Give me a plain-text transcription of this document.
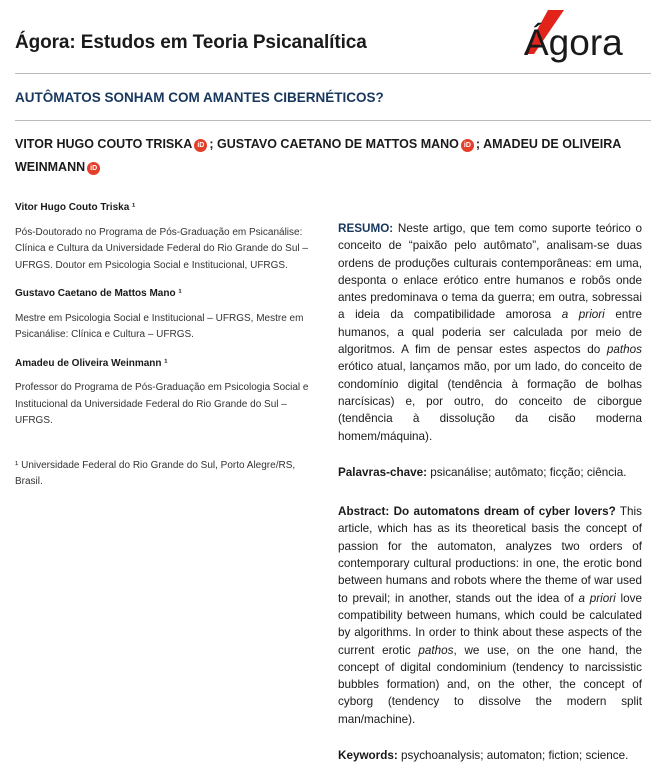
Ágora: Estudos em Teoria Psicanalítica	Ágora
AUTÔMATOS SONHAM COM AMANTES CIBERNÉTICOS?
VITOR HUGO COUTO TRISKA iD ; GUSTAVO CAETANO DE MATTOS MANO iD ; AMADEU DE OLIVEIRA WEINMANN iD

Vitor Hugo Couto Triska ¹

Pós-Doutorado no Programa de Pós-Graduação em Psicanálise: Clínica e Cultura da Universidade Federal do Rio Grande do Sul – UFRGS. Doutor em Psicologia Social e Institucional, UFRGS.

Gustavo Caetano de Mattos Mano ¹

Mestre em Psicologia Social e Institucional – UFRGS, Mestre em Psicanálise: Clínica e Cultura – UFRGS.

Amadeu de Oliveira Weinmann ¹

Professor do Programa de Pós-Graduação em Psicologia Social e Institucional da Universidade Federal do Rio Grande do Sul – UFRGS.

¹ Universidade Federal do Rio Grande do Sul, Porto Alegre/RS, Brasil.

RESUMO: Neste artigo, que tem como suporte teórico o conceito de “paixão pelo autômato”, analisam-se duas ordens de produções culturais contemporâneas: em uma, desponta o enlace erótico entre humanos e robôs onde antes predominava o tema da guerra; em outra, sobressai a ideia da compatibilidade amorosa a priori entre humanos, a qual poderia ser calculada por meio de algoritmos. A fim de pensar estes aspectos do pathos erótico atual, lançamos mão, por um lado, do conceito de condomínio digital (tendência à formação de bolhas narcísicas) e, por outro, do conceito de ciborgue (tendência à dissolução da cisão moderna homem/máquina).

Palavras-chave: psicanálise; autômato; ficção; ciência.

Abstract: Do automatons dream of cyber lovers? This article, which has as its theoretical basis the concept of passion for the automaton, analyzes two orders of contemporary cultural productions: in one, the erotic bond between humans and robots where the theme of war used to prevail; in another, stands out the idea of a priori love compatibility between humans, which could be calculated by algorithms. In order to think about these aspects of the current erotic pathos, we use, on the one hand, the concept of digital condominium (tendency to narcissistic bubbles formation) and, on the other, the concept of cyborg (tendency to dissolve the modern split man/machine).

Keywords: psychoanalysis; automaton; fiction; science.
